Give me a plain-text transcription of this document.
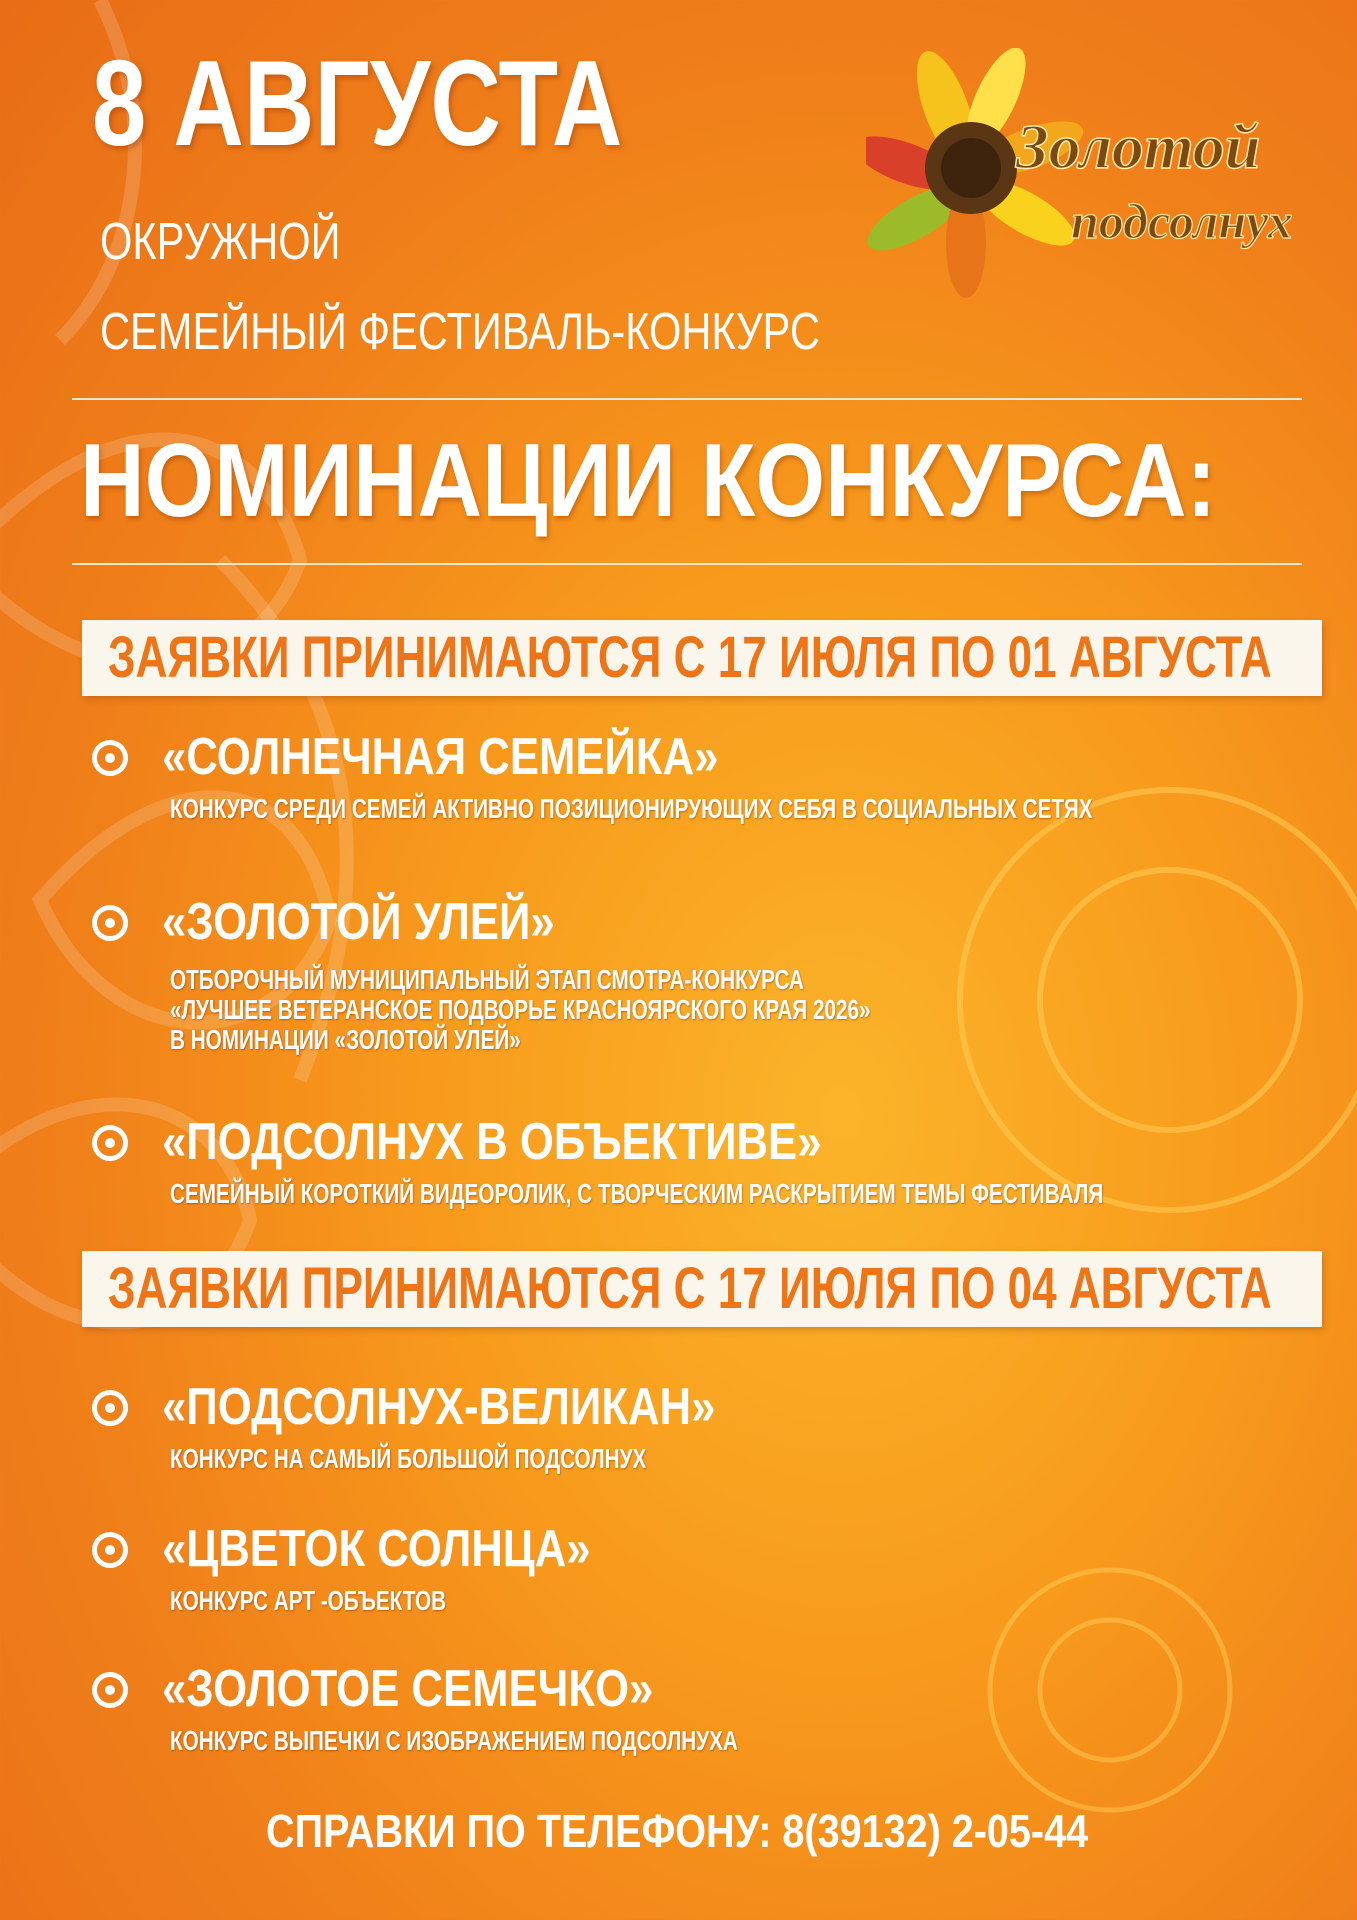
Золотой
подсолнух
8 АВГУСТА
ОКРУЖНОЙ
СЕМЕЙНЫЙ ФЕСТИВАЛЬ-КОНКУРС
НОМИНАЦИИ КОНКУРСА:
ЗАЯВКИ ПРИНИМАЮТСЯ С 17 ИЮЛЯ ПО 01 АВГУСТА
«СОЛНЕЧНАЯ СЕМЕЙКА»
КОНКУРС СРЕДИ СЕМЕЙ АКТИВНО ПОЗИЦИОНИРУЮЩИХ СЕБЯ В СОЦИАЛЬНЫХ СЕТЯХ
«ЗОЛОТОЙ УЛЕЙ»
ОТБОРОЧНЫЙ МУНИЦИПАЛЬНЫЙ ЭТАП СМОТРА-КОНКУРСА
«ЛУЧШЕЕ ВЕТЕРАНСКОЕ ПОДВОРЬЕ КРАСНОЯРСКОГО КРАЯ 2026»
В НОМИНАЦИИ «ЗОЛОТОЙ УЛЕЙ»
«ПОДСОЛНУХ В ОБЪЕКТИВЕ»
СЕМЕЙНЫЙ КОРОТКИЙ ВИДЕОРОЛИК, С ТВОРЧЕСКИМ РАСКРЫТИЕМ ТЕМЫ ФЕСТИВАЛЯ
ЗАЯВКИ ПРИНИМАЮТСЯ С 17 ИЮЛЯ ПО 04 АВГУСТА
«ПОДСОЛНУХ-ВЕЛИКАН»
КОНКУРС НА САМЫЙ БОЛЬШОЙ ПОДСОЛНУХ
«ЦВЕТОК СОЛНЦА»
КОНКУРС АРТ -ОБЪЕКТОВ
«ЗОЛОТОЕ СЕМЕЧКО»
КОНКУРС ВЫПЕЧКИ С ИЗОБРАЖЕНИЕМ ПОДСОЛНУХА
СПРАВКИ ПО ТЕЛЕФОНУ: 8(39132) 2-05-44
